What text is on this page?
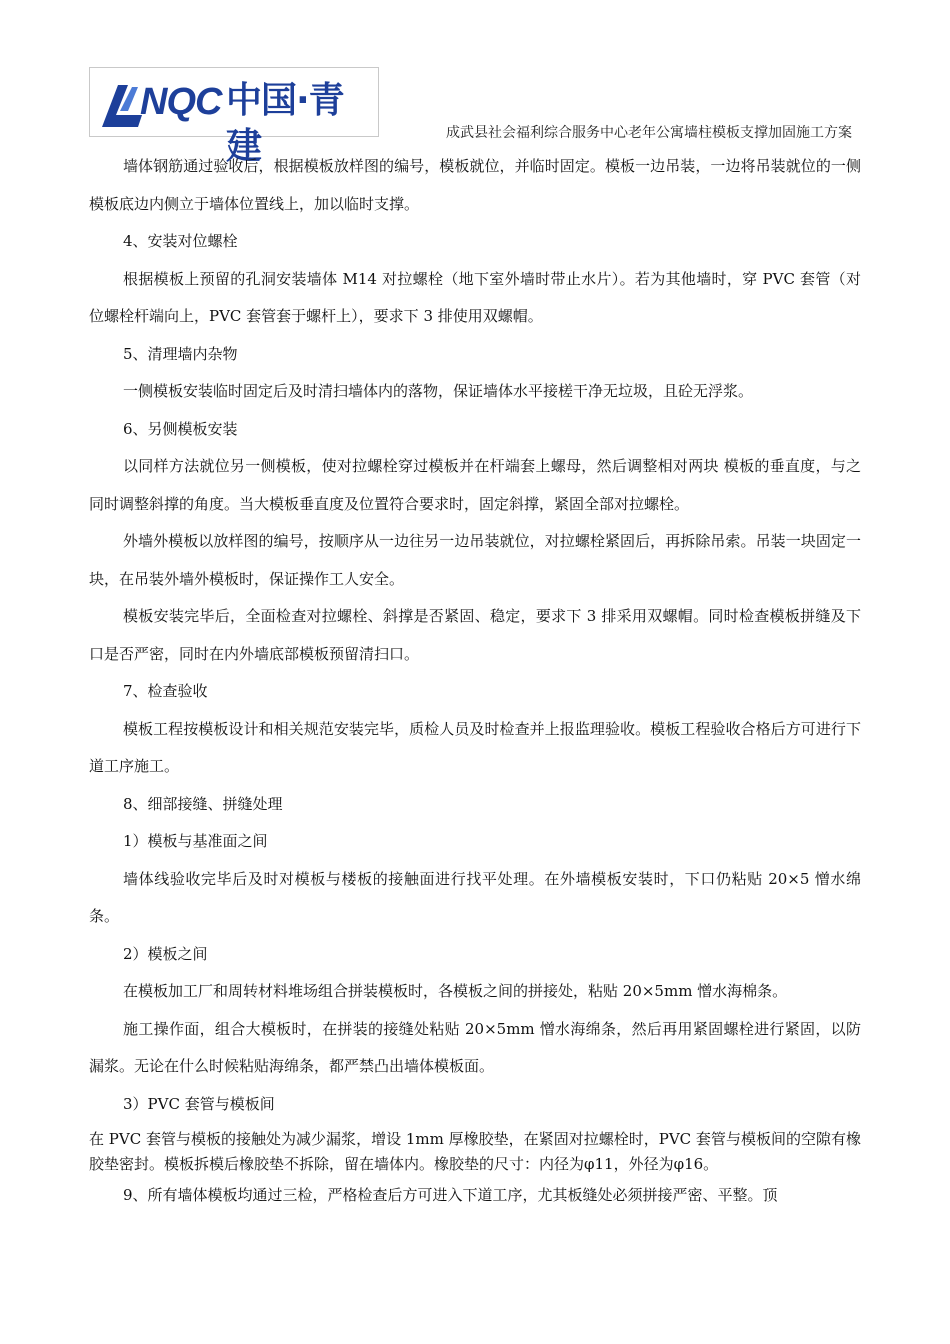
NQC 中国·青建	成武县社会福利综合服务中心老年公寓墙柱模板支撑加固施工方案

墙体钢筋通过验收后，根据模板放样图的编号，模板就位，并临时固定。模板一边吊装，一边将吊装就位的一侧模板底边内侧立于墙体位置线上，加以临时支撑。

4、安装对位螺栓

根据模板上预留的孔洞安装墙体 M14 对拉螺栓（地下室外墙时带止水片）。若为其他墙时，穿 PVC 套管（对位螺栓杆端向上，PVC 套管套于螺杆上），要求下 3 排使用双螺帽。

5、清理墙内杂物

一侧模板安装临时固定后及时清扫墙体内的落物，保证墙体水平接槎干净无垃圾，且砼无浮浆。

6、另侧模板安装

以同样方法就位另一侧模板，使对拉螺栓穿过模板并在杆端套上螺母，然后调整相对两块 模板的垂直度，与之同时调整斜撑的角度。当大模板垂直度及位置符合要求时，固定斜撑，紧固全部对拉螺栓。

外墙外模板以放样图的编号，按顺序从一边往另一边吊装就位，对拉螺栓紧固后，再拆除吊索。吊装一块固定一块，在吊装外墙外模板时，保证操作工人安全。

模板安装完毕后，全面检查对拉螺栓、斜撑是否紧固、稳定，要求下 3 排采用双螺帽。同时检查模板拼缝及下口是否严密，同时在内外墙底部模板预留清扫口。

7、检查验收

模板工程按模板设计和相关规范安装完毕，质检人员及时检查并上报监理验收。模板工程验收合格后方可进行下道工序施工。

8、细部接缝、拼缝处理

1）模板与基准面之间

墙体线验收完毕后及时对模板与楼板的接触面进行找平处理。在外墙模板安装时，下口仍粘贴 20×5 憎水绵条。

2）模板之间

在模板加工厂和周转材料堆场组合拼装模板时，各模板之间的拼接处，粘贴 20×5mm 憎水海棉条。

施工操作面，组合大模板时，在拼装的接缝处粘贴 20×5mm 憎水海绵条，然后再用紧固螺栓进行紧固，以防漏浆。无论在什么时候粘贴海绵条，都严禁凸出墙体模板面。

3）PVC 套管与模板间

在 PVC 套管与模板的接触处为减少漏浆，增设 1mm 厚橡胶垫，在紧固对拉螺栓时，PVC 套管与模板间的空隙有橡胶垫密封。模板拆模后橡胶垫不拆除，留在墙体内。橡胶垫的尺寸：内径为φ11，外径为φ16。

9、所有墙体模板均通过三检，严格检查后方可进入下道工序，尤其板缝处必须拼接严密、平整。顶
